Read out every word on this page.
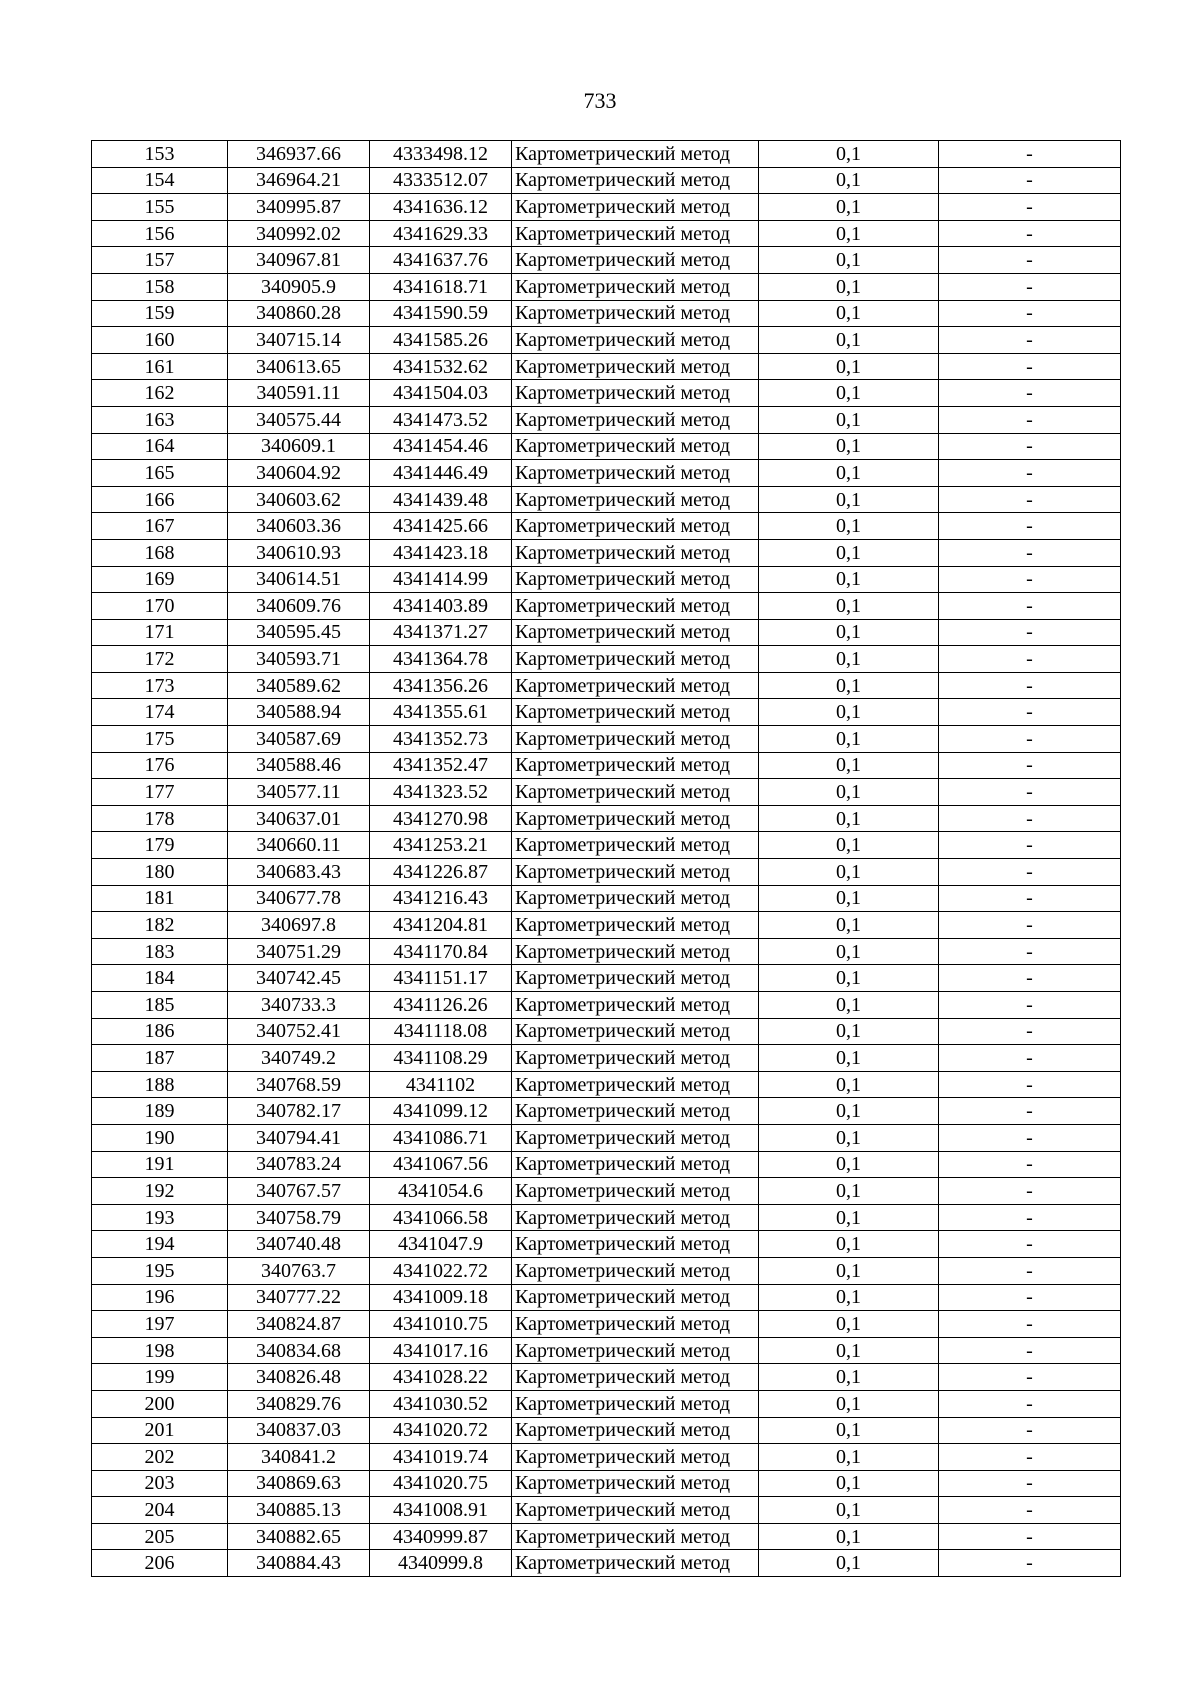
733
153	346937.66	4333498.12	Картометрический метод	0,1	-
154	346964.21	4333512.07	Картометрический метод	0,1	-
155	340995.87	4341636.12	Картометрический метод	0,1	-
156	340992.02	4341629.33	Картометрический метод	0,1	-
157	340967.81	4341637.76	Картометрический метод	0,1	-
158	340905.9	4341618.71	Картометрический метод	0,1	-
159	340860.28	4341590.59	Картометрический метод	0,1	-
160	340715.14	4341585.26	Картометрический метод	0,1	-
161	340613.65	4341532.62	Картометрический метод	0,1	-
162	340591.11	4341504.03	Картометрический метод	0,1	-
163	340575.44	4341473.52	Картометрический метод	0,1	-
164	340609.1	4341454.46	Картометрический метод	0,1	-
165	340604.92	4341446.49	Картометрический метод	0,1	-
166	340603.62	4341439.48	Картометрический метод	0,1	-
167	340603.36	4341425.66	Картометрический метод	0,1	-
168	340610.93	4341423.18	Картометрический метод	0,1	-
169	340614.51	4341414.99	Картометрический метод	0,1	-
170	340609.76	4341403.89	Картометрический метод	0,1	-
171	340595.45	4341371.27	Картометрический метод	0,1	-
172	340593.71	4341364.78	Картометрический метод	0,1	-
173	340589.62	4341356.26	Картометрический метод	0,1	-
174	340588.94	4341355.61	Картометрический метод	0,1	-
175	340587.69	4341352.73	Картометрический метод	0,1	-
176	340588.46	4341352.47	Картометрический метод	0,1	-
177	340577.11	4341323.52	Картометрический метод	0,1	-
178	340637.01	4341270.98	Картометрический метод	0,1	-
179	340660.11	4341253.21	Картометрический метод	0,1	-
180	340683.43	4341226.87	Картометрический метод	0,1	-
181	340677.78	4341216.43	Картометрический метод	0,1	-
182	340697.8	4341204.81	Картометрический метод	0,1	-
183	340751.29	4341170.84	Картометрический метод	0,1	-
184	340742.45	4341151.17	Картометрический метод	0,1	-
185	340733.3	4341126.26	Картометрический метод	0,1	-
186	340752.41	4341118.08	Картометрический метод	0,1	-
187	340749.2	4341108.29	Картометрический метод	0,1	-
188	340768.59	4341102	Картометрический метод	0,1	-
189	340782.17	4341099.12	Картометрический метод	0,1	-
190	340794.41	4341086.71	Картометрический метод	0,1	-
191	340783.24	4341067.56	Картометрический метод	0,1	-
192	340767.57	4341054.6	Картометрический метод	0,1	-
193	340758.79	4341066.58	Картометрический метод	0,1	-
194	340740.48	4341047.9	Картометрический метод	0,1	-
195	340763.7	4341022.72	Картометрический метод	0,1	-
196	340777.22	4341009.18	Картометрический метод	0,1	-
197	340824.87	4341010.75	Картометрический метод	0,1	-
198	340834.68	4341017.16	Картометрический метод	0,1	-
199	340826.48	4341028.22	Картометрический метод	0,1	-
200	340829.76	4341030.52	Картометрический метод	0,1	-
201	340837.03	4341020.72	Картометрический метод	0,1	-
202	340841.2	4341019.74	Картометрический метод	0,1	-
203	340869.63	4341020.75	Картометрический метод	0,1	-
204	340885.13	4341008.91	Картометрический метод	0,1	-
205	340882.65	4340999.87	Картометрический метод	0,1	-
206	340884.43	4340999.8	Картометрический метод	0,1	-
